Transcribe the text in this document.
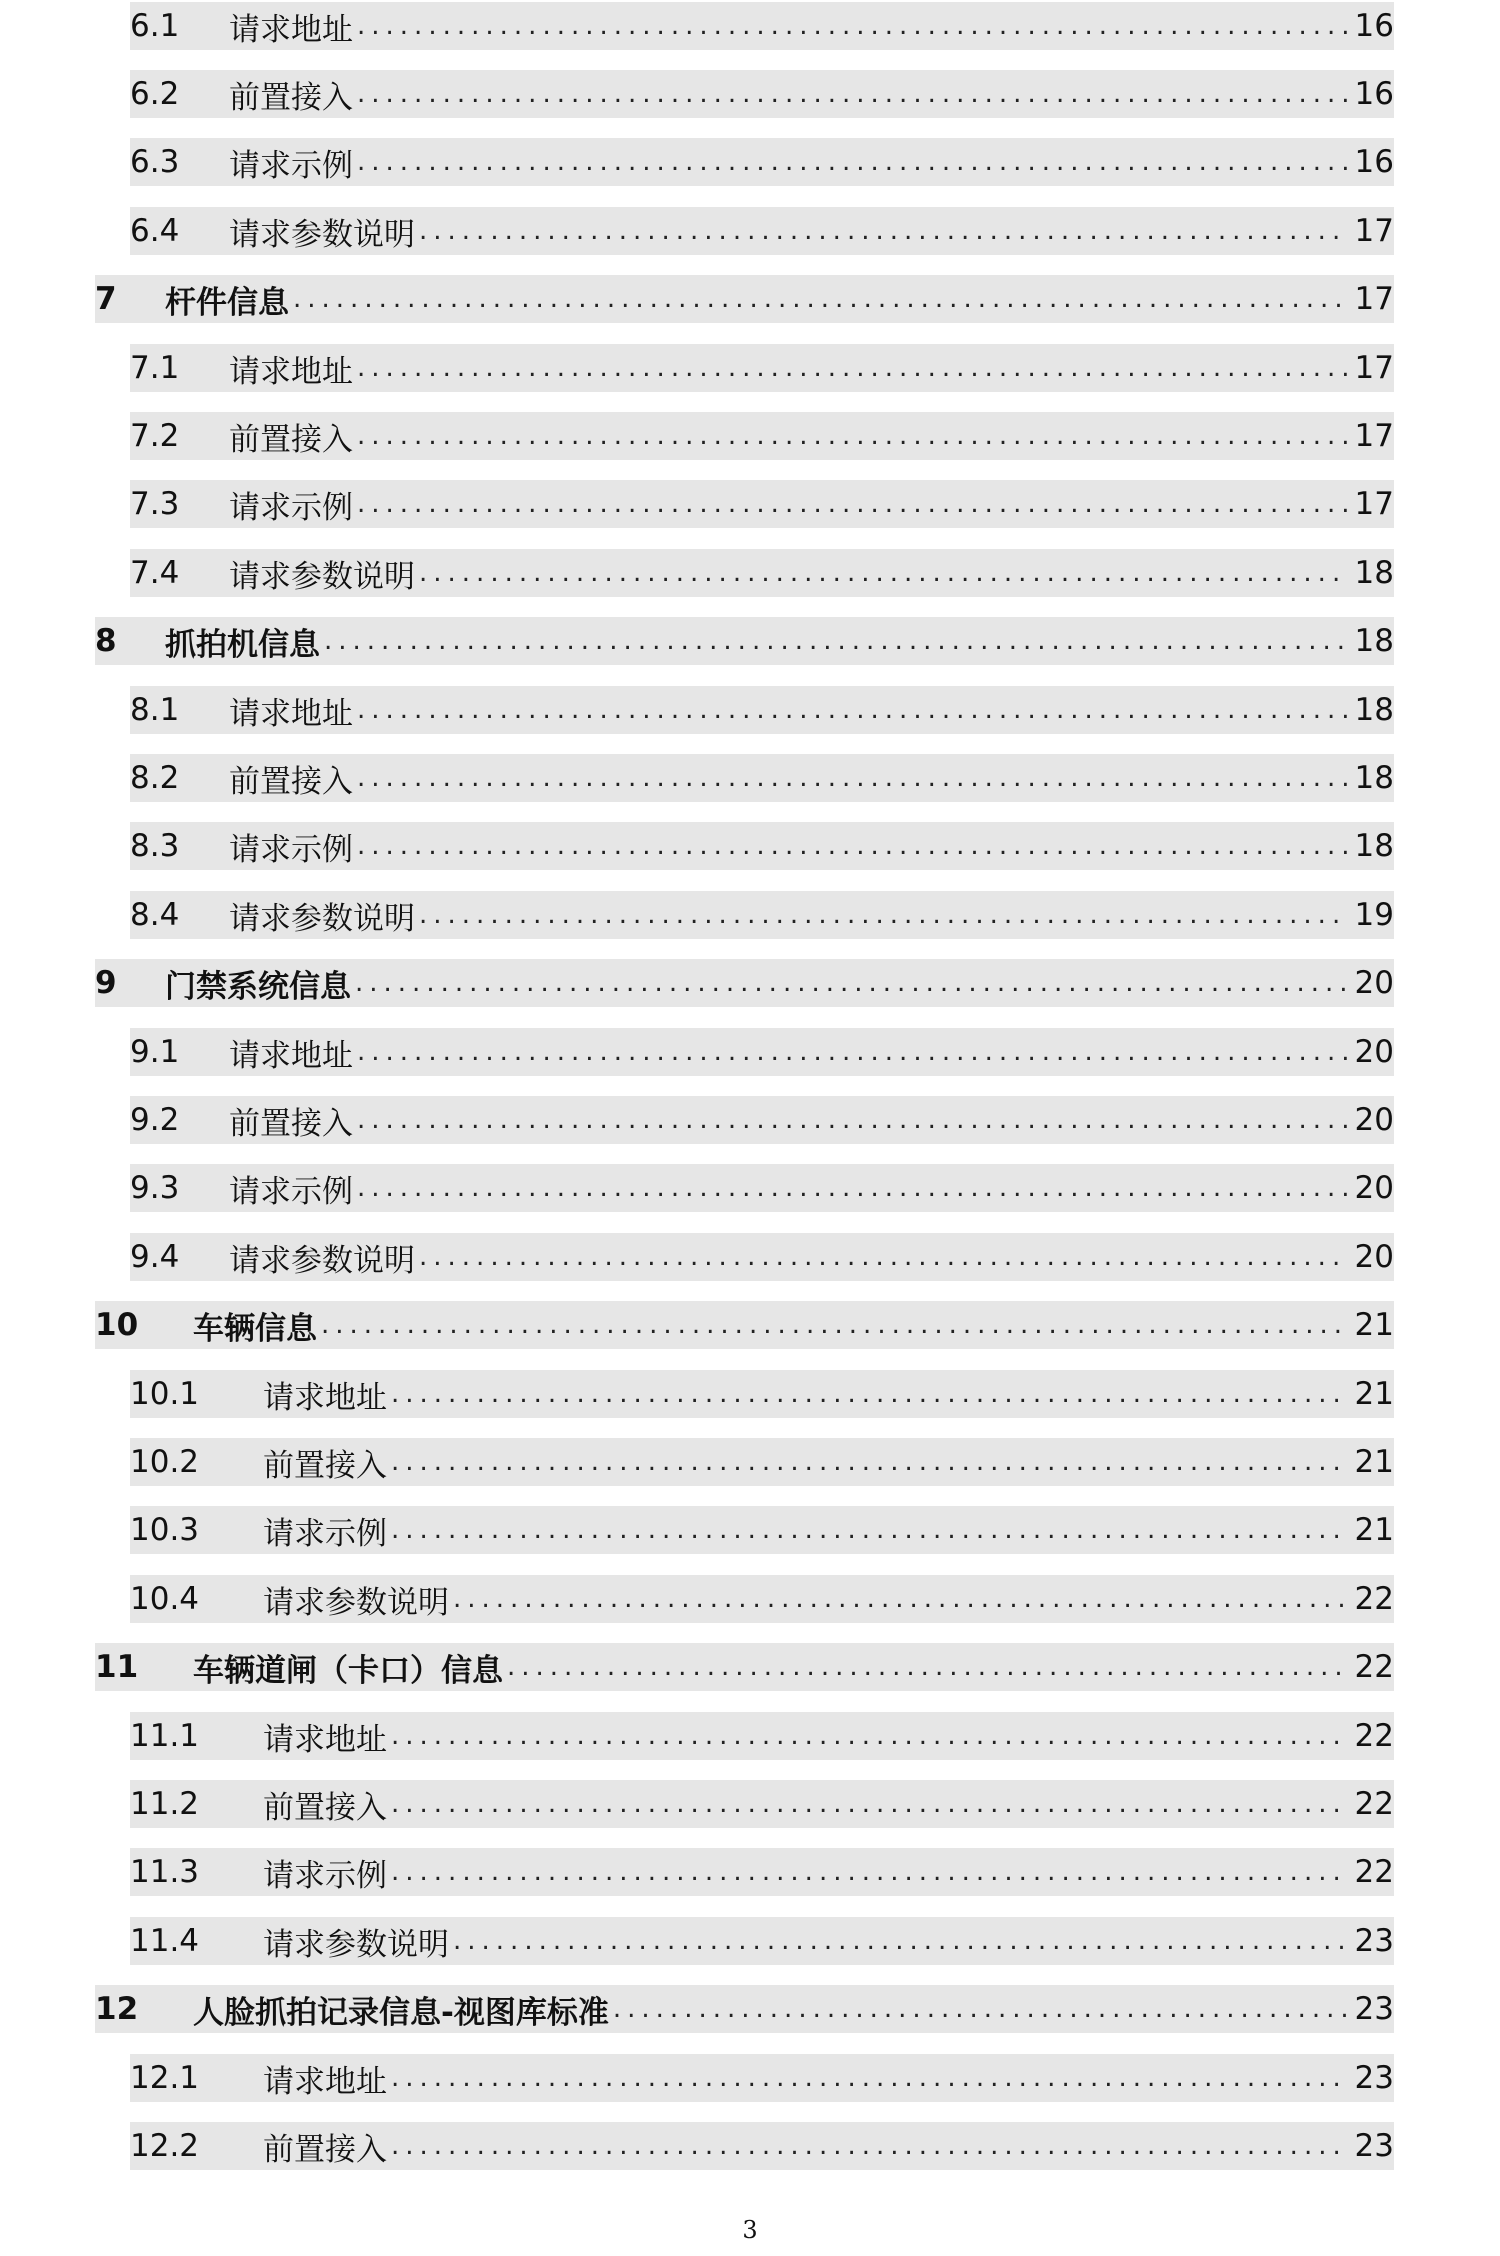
6.1	请求地址 .....	16
6.2	前置接入 .....	16
6.3	请求示例 .....	16
6.4	请求参数说明 .....	17
7	杆件信息 .....	17
7.1	请求地址 .....	17
7.2	前置接入 .....	17
7.3	请求示例 .....	17
7.4	请求参数说明 .....	18
8	抓拍机信息 .....	18
8.1	请求地址 .....	18
8.2	前置接入 .....	18
8.3	请求示例 .....	18
8.4	请求参数说明 .....	19
9	门禁系统信息 .....	20
9.1	请求地址 .....	20
9.2	前置接入 .....	20
9.3	请求示例 .....	20
9.4	请求参数说明 .....	20
10	车辆信息 .....	21
10.1	请求地址 .....	21
10.2	前置接入 .....	21
10.3	请求示例 .....	21
10.4	请求参数说明 .....	22
11	车辆道闸（卡口）信息 .....	22
11.1	请求地址 .....	22
11.2	前置接入 .....	22
11.3	请求示例 .....	22
11.4	请求参数说明 .....	23
12	人脸抓拍记录信息-视图库标准 .....	23
12.1	请求地址 .....	23
12.2	前置接入 .....	23
3
